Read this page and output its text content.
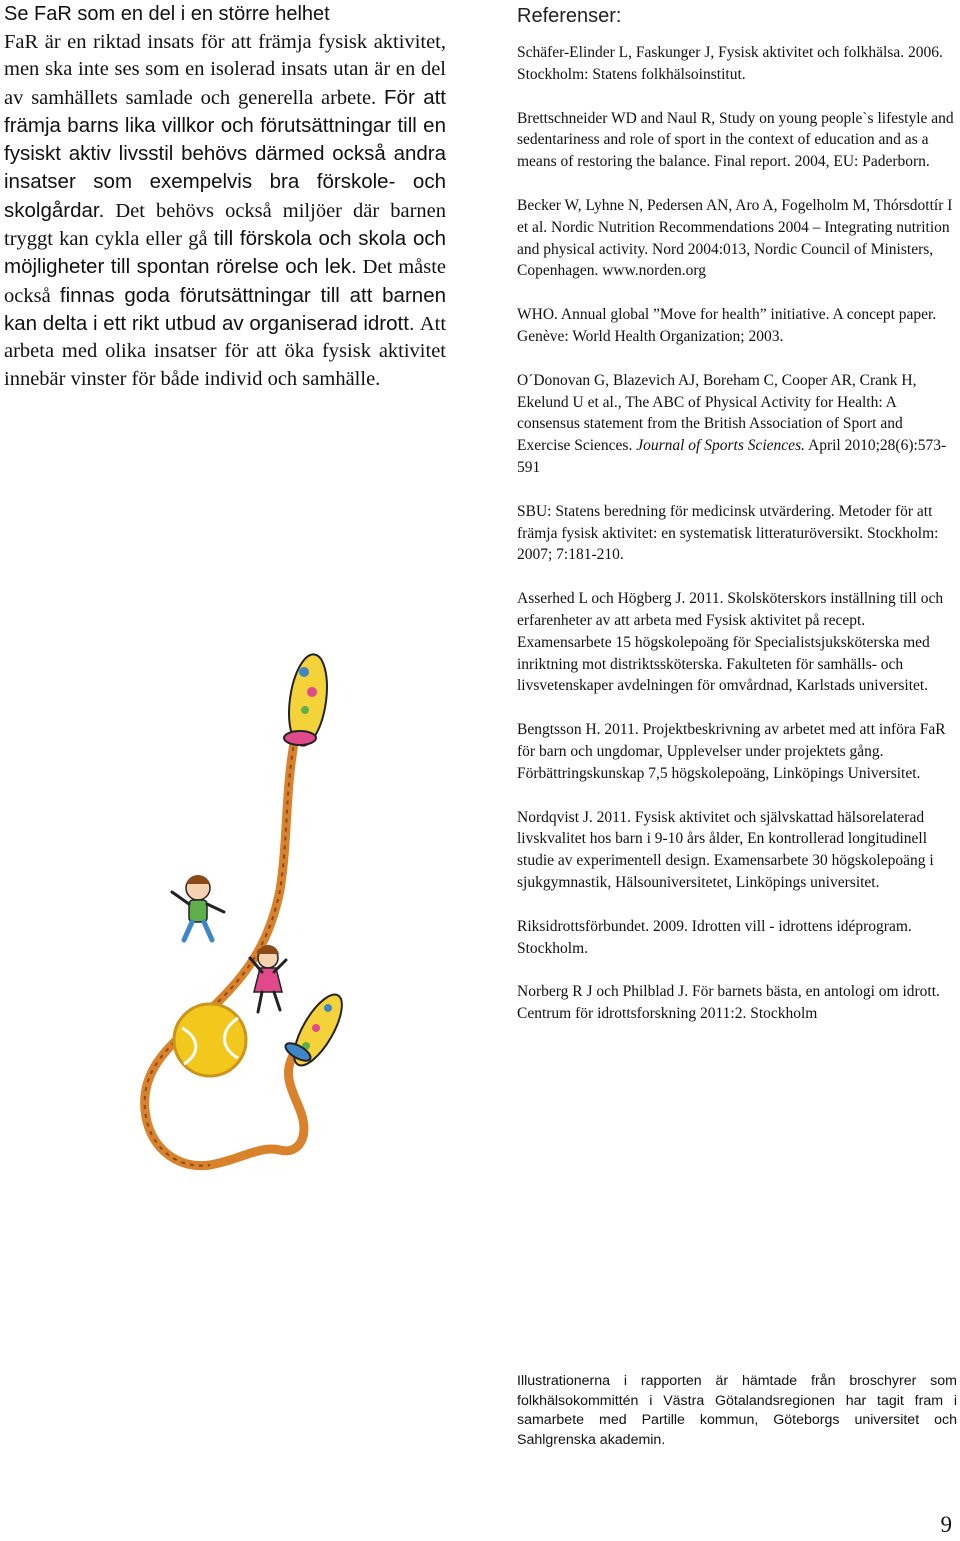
Se FaR som en del i en större helhet

FaR är en riktad insats för att främja fysisk aktivitet, men ska inte ses som en isolerad insats utan är en del av samhällets samlade och generella arbete. För att främja barns lika villkor och förutsättningar till en fysiskt aktiv livsstil behövs därmed också andra insatser som exempelvis bra förskole- och skolgårdar. Det behövs också miljöer där barnen tryggt kan cykla eller gå till förskola och skola och möjligheter till spontan rörelse och lek. Det måste också finnas goda förutsättningar till att barnen kan delta i ett rikt utbud av organiserad idrott. Att arbeta med olika insatser för att öka fysisk aktivitet innebär vinster för både individ och samhälle.

Referenser:
Schäfer-Elinder L, Faskunger J, Fysisk aktivitet och folkhälsa. 2006. Stockholm: Statens folkhälsoinstitut.
Brettschneider WD and Naul R, Study on young people`s lifestyle and sedentariness and role of sport in the context of education and as a means of restoring the balance. Final report. 2004, EU: Paderborn.
Becker W, Lyhne N, Pedersen AN, Aro A, Fogelholm M, Thórsdottír I et al. Nordic Nutrition Recommendations 2004 – Integrating nutrition and physical activity. Nord 2004:013, Nordic Council of Ministers, Copenhagen. www.norden.org
WHO. Annual global ”Move for health” initiative. A concept paper. Genève: World Health Organization; 2003.
O´Donovan G, Blazevich AJ, Boreham C, Cooper AR, Crank H, Ekelund U et al., The ABC of Physical Activity for Health: A consensus statement from the British Association of Sport and Exercise Sciences. Journal of Sports Sciences. April 2010;28(6):573-591
SBU: Statens beredning för medicinsk utvärdering. Metoder för att främja fysisk aktivitet: en systematisk litteraturöversikt. Stockholm: 2007; 7:181-210.
Asserhed L och Högberg J. 2011. Skolsköterskors inställning till och erfarenheter av att arbeta med Fysisk aktivitet på recept. Examensarbete 15 högskolepoäng för Specialistsjuksköterska med inriktning mot distriktssköterska. Fakulteten för samhälls- och livsvetenskaper avdelningen för omvårdnad, Karlstads universitet.
Bengtsson H. 2011. Projektbeskrivning av arbetet med att införa FaR för barn och ungdomar, Upplevelser under projektets gång. Förbättringskunskap 7,5 högskolepoäng, Linköpings Universitet.
Nordqvist J. 2011. Fysisk aktivitet och självskattad hälsorelaterad livskvalitet hos barn i 9-10 års ålder, En kontrollerad longitudinell studie av experimentell design. Examensarbete 30 högskolepoäng i sjukgymnastik, Hälsouniversitetet, Linköpings universitet.
Riksidrottsförbundet. 2009. Idrotten vill - idrottens idéprogram. Stockholm.
Norberg R J och Philblad J. För barnets bästa, en antologi om idrott. Centrum för idrottsforskning 2011:2. Stockholm

Illustrationerna i rapporten är hämtade från broschyrer som folkhälsokommittén i Västra Götalandsregionen har tagit fram i samarbete med Partille kommun, Göteborgs universitet och Sahlgrenska akademin.

9
